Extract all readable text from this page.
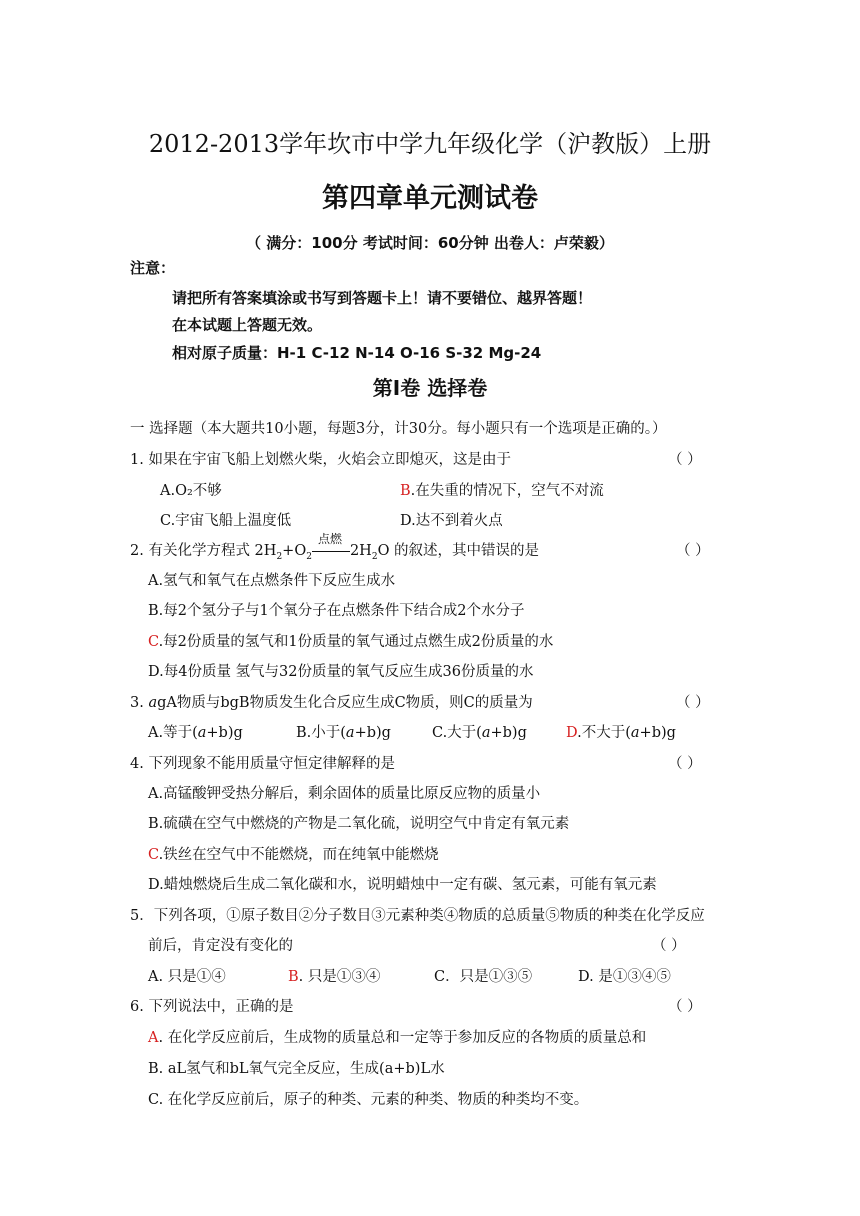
2012-2013学年坎市中学九年级化学（沪教版）上册
第四章单元测试卷
（ 满分：100分 考试时间：60分钟 出卷人：卢荣毅）
注意：
请把所有答案填涂或书写到答题卡上！请不要错位、越界答题！
在本试题上答题无效。
相对原子质量：H-1 C-12 N-14 O-16 S-32 Mg-24
第Ⅰ卷 选择卷
一 选择题（本大题共10小题，每题3分，计30分。每小题只有一个选项是正确的。）
1. 如果在宇宙飞船上划燃火柴，火焰会立即熄灭，这是由于	（ ）
A.O₂不够	B.在失重的情况下，空气不对流
C.宇宙飞船上温度低	D.达不到着火点
2. 有关化学方程式 $2H_2+O_2$
点燃
$2H_2O$ 的叙述，其中错误的是	（ ）
A.氢气和氧气在点燃条件下反应生成水
B.每2个氢分子与1个氧分子在点燃条件下结合成2个水分子
C.每2份质量的氢气和1份质量的氧气通过点燃生成2份质量的水
D.每4份质量 氢气与32份质量的氧气反应生成36份质量的水
3. agA物质与bgB物质发生化合反应生成C物质，则C的质量为	（ ）
A.等于(a+b)g	B.小于(a+b)g	C.大于(a+b)g	D.不大于(a+b)g
4. 下列现象不能用质量守恒定律解释的是	（ ）
A.高锰酸钾受热分解后，剩余固体的质量比原反应物的质量小
B.硫磺在空气中燃烧的产物是二氧化硫，说明空气中肯定有氧元素
C.铁丝在空气中不能燃烧，而在纯氧中能燃烧
D.蜡烛燃烧后生成二氧化碳和水，说明蜡烛中一定有碳、氢元素，可能有氧元素
5．下列各项，①原子数目②分子数目③元素种类④物质的总质量⑤物质的种类在化学反应
前后，肯定没有变化的	（ ）
A. 只是①④	B. 只是①③④	C．只是①③⑤	D. 是①③④⑤
6. 下列说法中，正确的是	（ ）
A. 在化学反应前后，生成物的质量总和一定等于参加反应的各物质的质量总和
B. aL氢气和bL氧气完全反应，生成(a+b)L水
C. 在化学反应前后，原子的种类、元素的种类、物质的种类均不变。
